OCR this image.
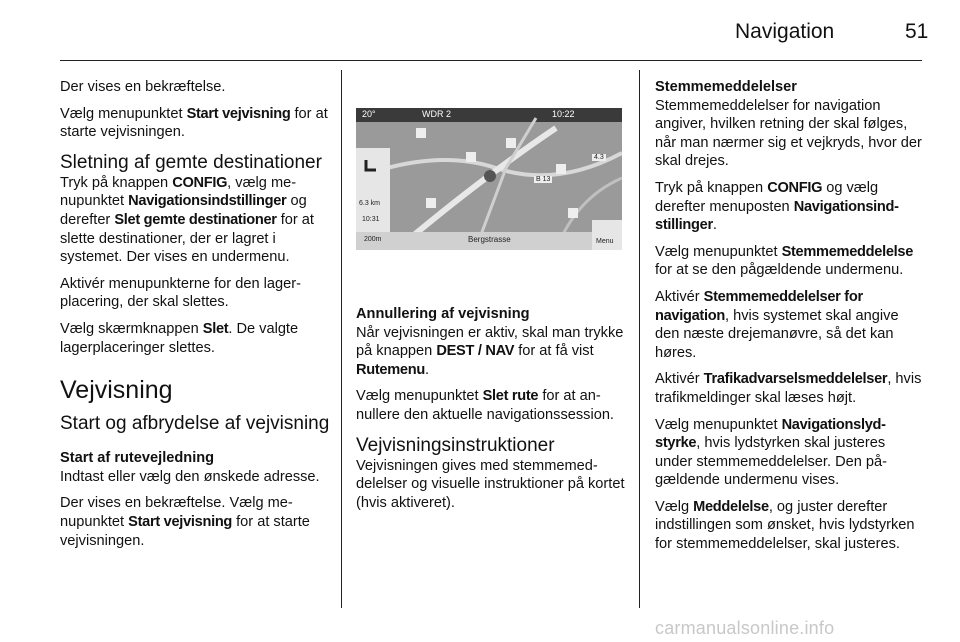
Navigation	51

Der vises en bekræftelse.

Vælg menupunktet Start vejvisning for at starte vejvisningen.

Sletning af gemte destinationer

Tryk på knappen CONFIG, vælg menupunktet Navigationsindstillinger og derefter Slet gemte destinationer for at slette destinationer, der er lagret i systemet. Der vises en undermenu.

Aktivér menupunkterne for den lagerplacering, der skal slettes.

Vælg skærmknappen Slet. De valgte lagerplaceringer slettes.

Vejvisning
Start og afbrydelse af vejvisning
Start af rutevejledning

Indtast eller vælg den ønskede adresse.

Der vises en bekræftelse. Vælg menupunktet Start vejvisning for at starte vejvisningen.

20°	WDR 2	10:22
6.3 km
10:31
200m	Bergstrasse	Menu
B 13
4.3
Annullering af vejvisning

Når vejvisningen er aktiv, skal man trykke på knappen DEST / NAV for at få vist Rutemenu.

Vælg menupunktet Slet rute for at annullere den aktuelle navigationssession.

Vejvisningsinstruktioner

Vejvisningen gives med stemmemeddelelser og visuelle instruktioner på kortet (hvis aktiveret).

Stemmemeddelelser

Stemmemeddelelser for navigation angiver, hvilken retning der skal følges, når man nærmer sig et vejkryds, hvor der skal drejes.

Tryk på knappen CONFIG og vælg derefter menuposten Navigationsindstillinger.

Vælg menupunktet Stemmemeddelelse for at se den pågældende undermenu.

Aktivér Stemmemeddelelser for navigation, hvis systemet skal angive den næste drejemanøvre, så det kan høres.

Aktivér Trafikadvarselsmeddelelser, hvis trafikmeldinger skal læses højt.

Vælg menupunktet Navigationslydstyrke, hvis lydstyrken skal justeres under stemmemeddelelser. Den pågældende undermenu vises.

Vælg Meddelelse, og juster derefter indstillingen som ønsket, hvis lydstyrken for stemmemeddelelser, skal justeres.

carmanualsonline.info
